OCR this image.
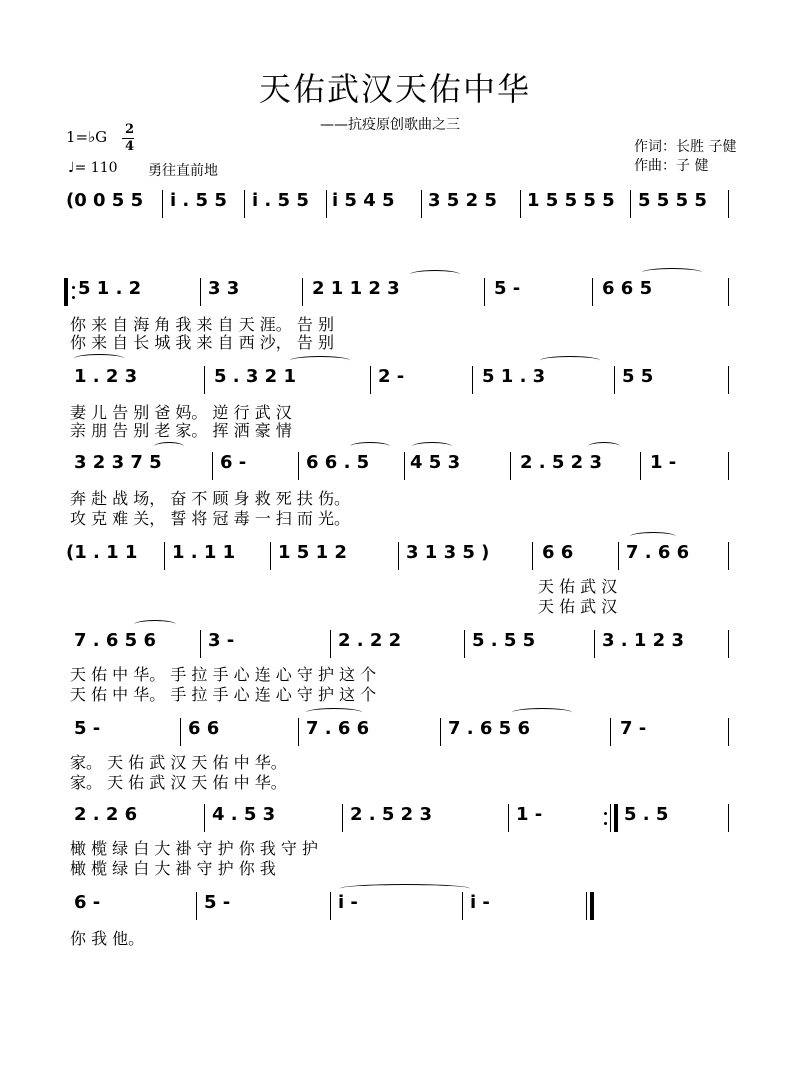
天佑武汉天佑中华
——抗疫原创歌曲之三
1=♭G 2
4
♩= 110 勇往直前地
作词：长胜 子健
作曲：子 健
(0 0 5 5 i . 5 5 i . 5 5 i 5 4 5 3 5 2 5 1 5 5 5 5 5 5 5 5
5 1 . 2	3 3	2 1 1 2 3	5 -	6 6 5
你 来 自 海 角 我 来 自 天 涯。 告 别
你 来 自 长 城 我 来 自 西 沙， 告 别
1 . 2 3	5 . 3 2 1	2 -	5 1 . 3	5 5
妻 儿 告 别 爸 妈。 逆 行 武 汉
亲 朋 告 别 老 家。 挥 洒 豪 情
3 2 3 7 5	6 -	6 6 . 5 4 5 3	2 . 5 2 3	1 -
奔 赴 战 场， 奋 不 顾 身 救 死 扶 伤。
攻 克 难 关， 誓 将 冠 毒 一 扫 而 光。
(1 . 1 1 1 . 1 1 1 5 1 2	3 1 3 5 )	6 6	7 . 6 6
天 佑 武 汉
天 佑 武 汉
7 . 6 5 6	3 -	2 . 2 2	5 . 5 5	3 . 1 2 3
天 佑 中 华。 手 拉 手 心 连 心 守 护 这 个
天 佑 中 华。 手 拉 手 心 连 心 守 护 这 个
5 -	6 6	7 . 6 6	7 . 6 5 6	7 -
家。 天 佑 武 汉 天 佑 中 华。
家。 天 佑 武 汉 天 佑 中 华。
2 . 2 6	4 . 5 3	2 . 5 2 3	1 -	5 . 5
橄 榄 绿 白 大 褂 守 护 你 我 守 护
橄 榄 绿 白 大 褂 守 护 你 我
6 -	5 -	i -	i -
你 我 他。
